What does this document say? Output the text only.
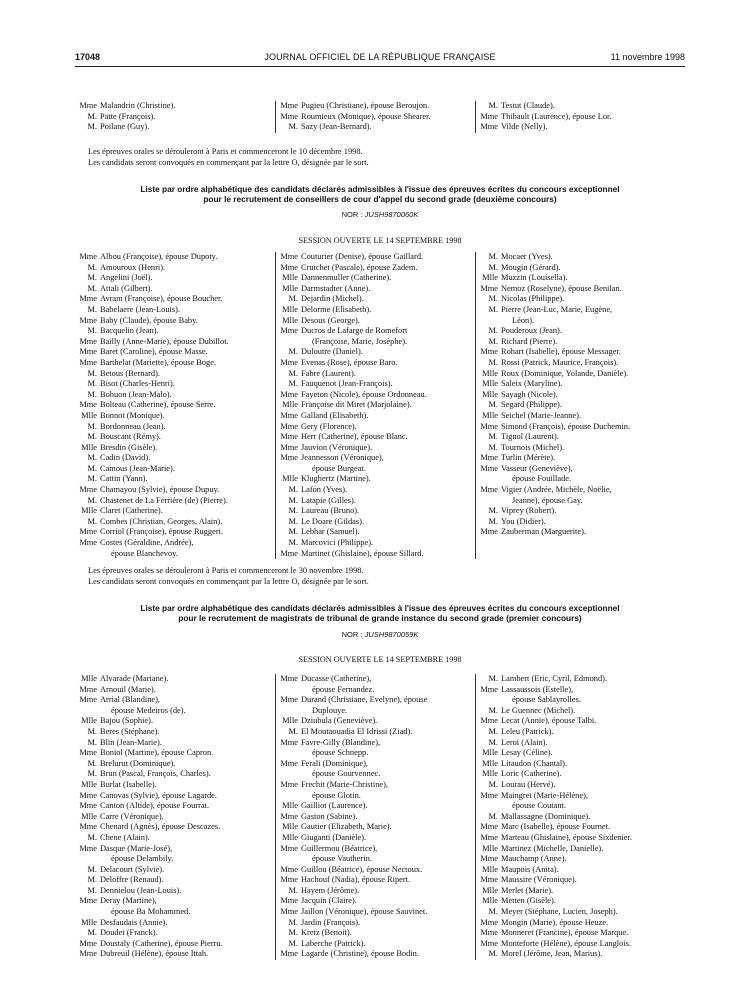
17048	JOURNAL OFFICIEL DE LA RÉPUBLIQUE FRANÇAISE	11 novembre 1998
Mme Malandrin (Christine).
M. Patte (François).
M. Poilane (Guy).
Mme Pugieu (Christiane), épouse Beroujon.
Mme Roumieux (Monique), épouse Shearer.
M. Sazy (Jean-Bernard).
M. Testut (Claude).
Mme Thibault (Laurence), épouse Lor.
Mme Vilde (Nelly).
Les épreuves orales se dérouleront à Paris et commenceront le 10 décembre 1998.
Les candidats seront convoqués en commençant par la lettre O, désignée par le sort.
Liste par ordre alphabétique des candidats déclarés admissibles à l'issue des épreuves écrites du concours exceptionnel
pour le recrutement de conseillers de cour d'appel du second grade (deuxième concours)
NOR : JUSH9870060K
SESSION OUVERTE LE 14 SEPTEMBRE 1998
Mme Albou (Françoise), épouse Dupoty.
M. Amouroux (Henri).
M. Angelini (Joël).
M. Attali (Gilbert).
Mme Avram (Françoise), épouse Boucher.
M. Babelaere (Jean-Louis).
Mme Baby (Claude), épouse Baby.
M. Bacquelin (Jean).
Mme Bailly (Anne-Marie), épouse Dubillot.
Mme Baret (Caroline), épouse Masse.
Mme Barthelat (Mariette), épouse Boge.
M. Betous (Bernard).
M. Bisot (Charles-Henri).
M. Bohuon (Jean-Malo).
Mme Bolteau (Catherine), épouse Serre.
Mlle Bonnot (Monique).
M. Bordonneau (Jean).
M. Bouscant (Rémy).
Mlle Bresdin (Gisèle).
M. Cadin (David).
M. Camous (Jean-Marie).
M. Cattin (Yann).
Mme Chamayou (Sylvie), épouse Dupuy.
M. Chastenet de La Ferrière (de) (Pierre).
Mlle Claret (Catherine).
M. Combes (Christian, Georges, Alain).
Mme Corriol (Françoise), épouse Ruggeri.
Mme Costes (Géraldine, Andrée),
épouse Blanchevoy.
Mme Couturier (Denise), épouse Gaillard.
Mme Crutchet (Pascale), épouse Zadem.
Mlle Dannenmuller (Catherine).
Mlle Darmstadter (Anne).
M. Dejardin (Michel).
Mlle Delorme (Elisabeth).
Mlle Desous (George).
Mme Ducros de Lafarge de Romefort
(Françoise, Marie, Josèphe).
M. Duloutre (Daniel).
Mme Evenas (Rose), épouse Baro.
M. Fabre (Laurent).
M. Fauquenot (Jean-François).
Mme Fayeton (Nicole), épouse Ordonneau.
Mlle Françoise dit Miret (Marjolaine).
Mme Galland (Elisabeth).
Mme Gery (Florence).
Mme Herr (Catherine), épouse Blanc.
Mme Jauvion (Véronique).
Mme Jeannesson (Véronique),
épouse Burgeat.
Mlle Klughertz (Martine).
M. Lafon (Yves).
M. Latapie (Gilles).
M. Laureau (Bruno).
M. Le Doare (Gildas).
M. Lebhar (Samuel).
M. Marcovici (Philippe).
Mme Martinet (Ghislaine), épouse Sillard.
M. Mocaer (Yves).
M. Mougin (Gérard).
Mlle Muzzin (Louisella).
Mme Nemoz (Roselyne), épouse Benilan.
M. Nicolas (Philippe).
M. Pierre (Jean-Luc, Marie, Eugène,
Léon).
M. Pouderoux (Jean).
M. Richard (Pierre).
Mme Rohart (Isabelle), épouse Messager.
M. Rossi (Patrick, Maurice, François).
Mlle Roux (Dominique, Yolande, Danièle).
Mlle Saleix (Maryline).
Mlle Sayagh (Nicole).
M. Segard (Philippe).
Mlle Seichel (Marie-Jeanne).
Mme Simond (François), épouse Duchemin.
M. Tignol (Laurent).
M. Tournois (Michel).
Mme Turlin (Mérète).
Mme Vasseur (Geneviève),
épouse Fouillade.
Mme Vigier (Andrée, Michèle, Noëlie,
Jeanne), épouse Gay.
M. Viprey (Robert).
M. You (Didier).
Mme Zauberman (Marguerite).
Les épreuves orales se dérouleront à Paris et commenceront le 30 novembre 1998.
Les candidats seront convoqués en commençant par la lettre O, désignée par le sort.
Liste par ordre alphabétique des candidats déclarés admissibles à l'issue des épreuves écrites du concours exceptionnel
pour le recrutement de magistrats de tribunal de grande instance du second grade (premier concours)
NOR : JUSH9870059K
SESSION OUVERTE LE 14 SEPTEMBRE 1998
Mlle Alvarade (Mariane).
Mme Arnouil (Marie).
Mme Arrial (Blandine),
épouse Medeiros (de).
Mlle Bajou (Sophie).
M. Beres (Stéphane).
M. Blin (Jean-Marie).
Mme Boniol (Martine), épouse Capron.
M. Brelurut (Dominique).
M. Brun (Pascal, François, Charles).
Mlle Burlat (Isabelle).
Mme Canovas (Sylvie), épouse Lagarde.
Mme Canton (Altide), épouse Fourrat.
Mlle Carre (Véronique).
Mme Chenard (Agnès), épouse Descazes.
M. Chene (Alain).
Mme Dasque (Marie-José),
épouse Delambily.
M. Delacourt (Sylvie).
M. Deloffre (Renaud).
M. Dennielou (Jean-Louis).
Mme Deray (Martine),
épouse Ba Mohammed.
Mlle Desfaudais (Annie).
M. Doudet (Franck).
Mme Doustaly (Catherine), épouse Pierru.
Mme Dubreuil (Hélène), épouse Ittah.
Mme Ducasse (Catherine),
épouse Fernandez.
Mme Durand (Christiane, Evelyne), épouse
Duplouye.
Mlle Dziubula (Geneviève).
M. El Moutaouadia El Idrissi (Ziad).
Mme Favre-Gilly (Blandine),
épouse Schnepp.
Mme Ferali (Dominique),
épouse Gourvennec.
Mme Frechit (Marie-Christine),
épouse Glotin.
Mlle Gailliot (Laurence).
Mme Gaston (Sabine).
Mlle Gautier (Elizabeth, Marie).
Mlle Giuganti (Danièle).
Mme Guillermou (Béatrice),
épouse Vautherin.
Mme Guillou (Béatrice), épouse Nectoux.
Mme Hachouf (Nadia), épouse Ripert.
M. Hayem (Jérôme).
Mme Jacquin (Claire).
Mme Jaillon (Véronique), épouse Sauvinet.
M. Jardin (François).
M. Kretz (Benoit).
M. Laberche (Patrick).
Mme Lagarde (Christine), épouse Bodin.
M. Lambert (Eric, Cyril, Edmond).
Mme Lassaussois (Estelle),
épouse Sablayrolles.
M. Le Guennec (Michel).
Mme Lecat (Annie), épouse Talbi.
M. Leleu (Patrick).
M. Leroi (Alain).
Mlle Lesay (Céline).
Mlle Litaudon (Chantal).
Mlle Loric (Catherine).
M. Lourau (Hervé).
Mme Maingret (Marie-Hélène),
épouse Coutant.
M. Mallassagne (Dominique).
Mme Marc (Isabelle), épouse Fournet.
Mme Marteau (Ghislaine), épouse Sixdenier.
Mlle Martinez (Michelle, Danielle).
Mme Mauchamp (Anne).
Mlle Maupois (Anita).
Mme Maussire (Véronique).
Mlle Merlet (Marie).
Mlle Metten (Gisèle).
M. Meyer (Stéphane, Lucien, Joseph).
Mme Mongin (Marie), épouse Heuze.
Mme Monneret (Francine), épouse Marque.
Mme Monteforte (Hélène), épouse Langlois.
M. Morel (Jérôme, Jean, Marius).
